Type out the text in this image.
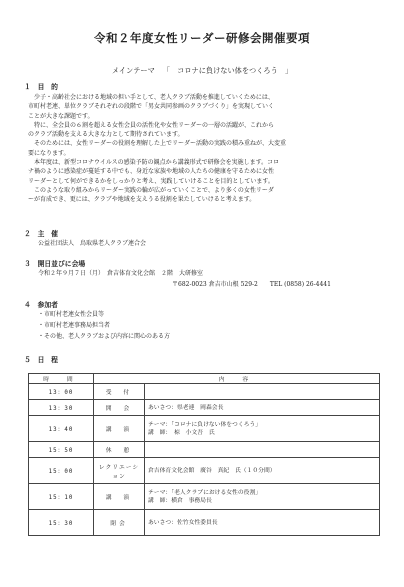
令和２年度女性リーダー研修会開催要項
メインテーマ 「　コロナに負けない体をつくろう　」
１　目　的
　少子・高齢社会における地域の担い手として、老人クラブ活動を推進していくためには、
市町村老連、単位クラブそれぞれの段階で「男女共同参画のクラブづくり」を実現していく
ことが大きな課題です。
　特に、全会員の６割を超える女性会員の活性化や女性リーダーの一層の活躍が、これから
のクラブ活動を支える大きな力として期待されています。
　そのためには、女性リーダーの役割を理解した上でリーダー活動の実践の積み重ねが、大変重
要になります。
　本年度は、新型コロナウイルスの感染予防の観点から講義形式で研修会を実施します。コロ
ナ禍のように感染症が蔓延する中でも、身近な家族や地域の人たちの健康を守るために女性
リーダーとして何ができるかをしっかりと考え、実践していけることを目的としています。
　このような取り組みからリーダー実践の輪が広がっていくことで、より多くの女性リーダ
ーが育成でき、更には、クラブや地域を支えうる役割を果たしていけると考えます。
２　主　催
公益社団法人　鳥取県老人クラブ連合会
３　開日並びに会場
令和２年９月７日（月）　倉吉体育文化会館　２階　大研修室
〒682-0023 倉吉市山根 529-2　　TEL (0858) 26-4441
４　参加者
・市町村老連女性会員等
・市町村老連事務局担当者
・その他、老人クラブおよび内容に関心のある方
５　日　程
時　間	内　容	
13：00	受　付	
13：30	開　会	あいさつ：県老連　岡森会長

13：40	講　演	テーマ：「コロナに負けない体をつくろう」
講　師：　椋　小文吾　氏

15：50	休　憩	
15：00	レクリエーション	倉吉体育文化会館　廣谷　真紀　氏（１０分間）

15：10	講　演	テーマ：「老人クラブにおける女性の役割」
講　師：横倉　事務局長

15：30	閉会	あいさつ：佐竹女性委員長
